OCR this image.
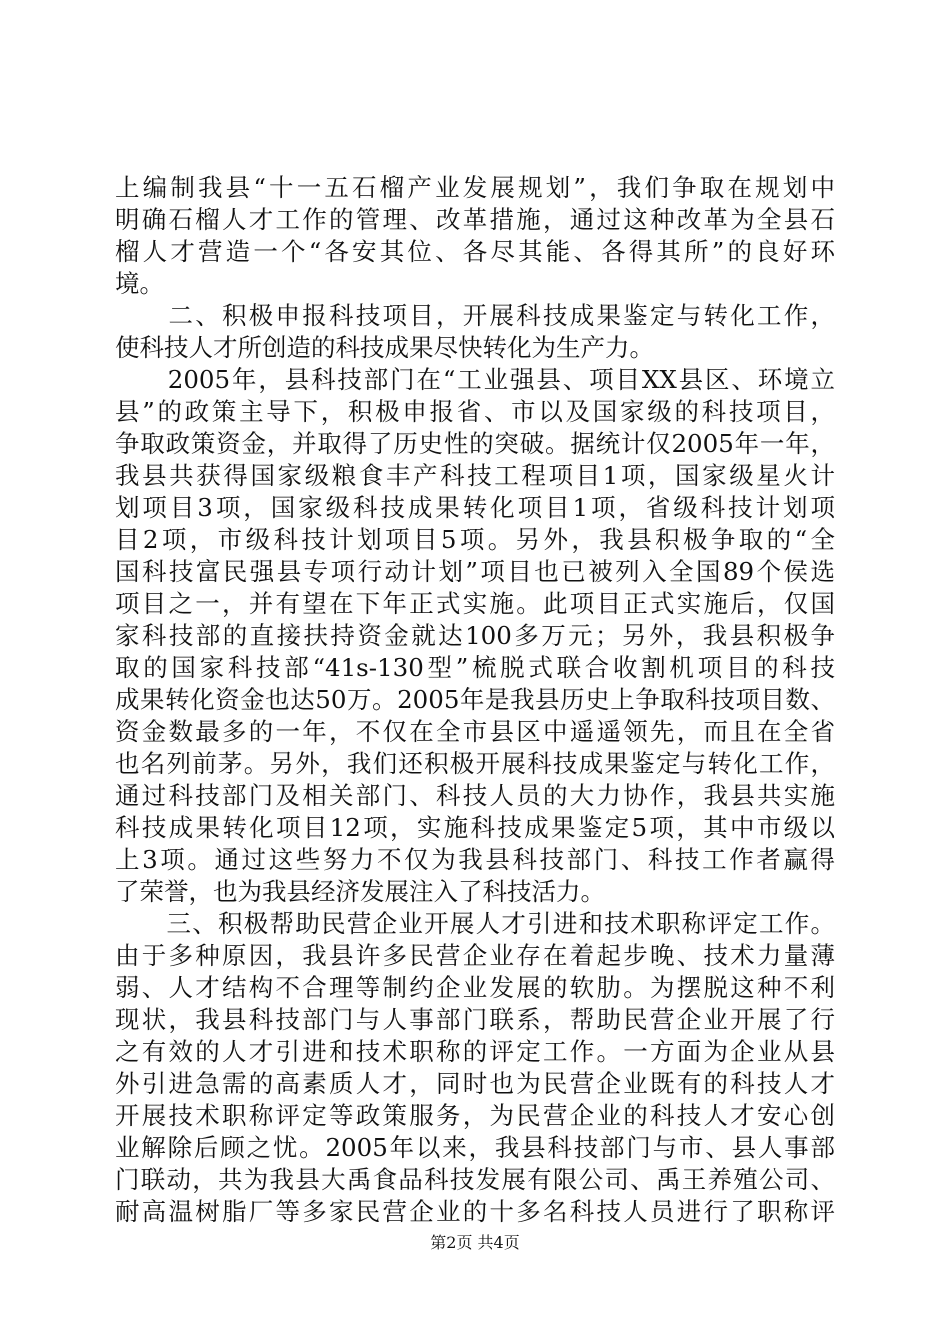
上编制我县“十一五石榴产业发展规划”，我们争取在规划中
明确石榴人才工作的管理、改革措施，通过这种改革为全县石
榴人才营造一个“各安其位、各尽其能、各得其所”的良好环
境。
　　二、积极申报科技项目，开展科技成果鉴定与转化工作，
使科技人才所创造的科技成果尽快转化为生产力。
　　2005年，县科技部门在“工业强县、项目XX县区、环境立
县”的政策主导下，积极申报省、市以及国家级的科技项目，
争取政策资金，并取得了历史性的突破。据统计仅2005年一年，
我县共获得国家级粮食丰产科技工程项目1项，国家级星火计
划项目3项，国家级科技成果转化项目1项，省级科技计划项
目2项，市级科技计划项目5项。另外，我县积极争取的“全
国科技富民强县专项行动计划”项目也已被列入全国89个侯选
项目之一，并有望在下年正式实施。此项目正式实施后，仅国
家科技部的直接扶持资金就达100多万元；另外，我县积极争
取的国家科技部“41s-130型”梳脱式联合收割机项目的科技
成果转化资金也达50万。2005年是我县历史上争取科技项目数、
资金数最多的一年，不仅在全市县区中遥遥领先，而且在全省
也名列前茅。另外，我们还积极开展科技成果鉴定与转化工作，
通过科技部门及相关部门、科技人员的大力协作，我县共实施
科技成果转化项目12项，实施科技成果鉴定5项，其中市级以
上3项。通过这些努力不仅为我县科技部门、科技工作者赢得
了荣誉，也为我县经济发展注入了科技活力。
　　三、积极帮助民营企业开展人才引进和技术职称评定工作。
由于多种原因，我县许多民营企业存在着起步晚、技术力量薄
弱、人才结构不合理等制约企业发展的软肋。为摆脱这种不利
现状，我县科技部门与人事部门联系，帮助民营企业开展了行
之有效的人才引进和技术职称的评定工作。一方面为企业从县
外引进急需的高素质人才，同时也为民营企业既有的科技人才
开展技术职称评定等政策服务，为民营企业的科技人才安心创
业解除后顾之忧。2005年以来，我县科技部门与市、县人事部
门联动，共为我县大禹食品科技发展有限公司、禹王养殖公司、
耐高温树脂厂等多家民营企业的十多名科技人员进行了职称评
第2页 共4页
